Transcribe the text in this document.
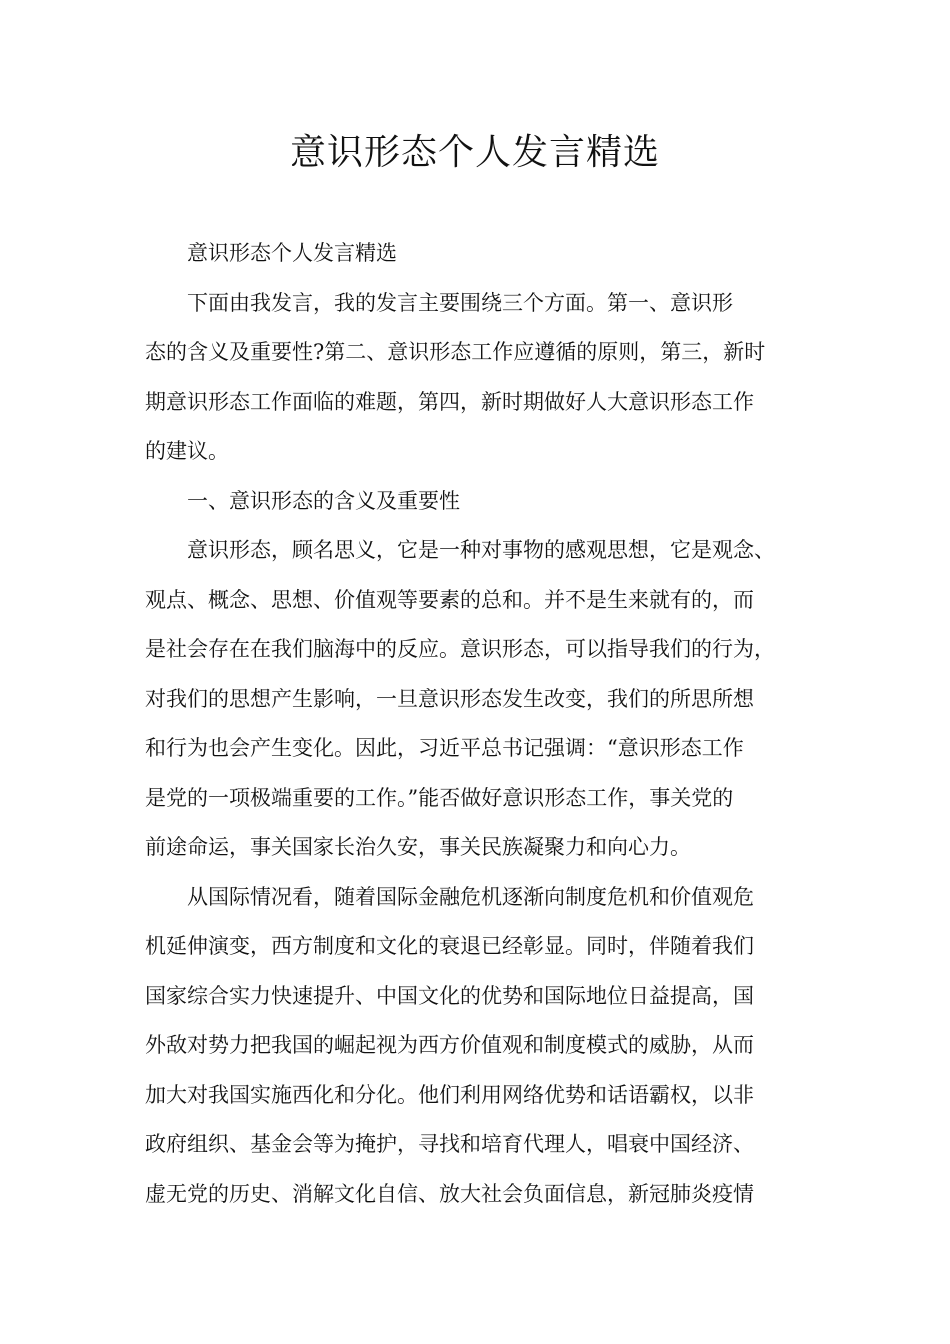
意识形态个人发言精选

意识形态个人发言精选

下面由我发言，我的发言主要围绕三个方面。第一、意识形
态的含义及重要性?第二、意识形态工作应遵循的原则，第三，新时
期意识形态工作面临的难题，第四，新时期做好人大意识形态工作
的建议。

一、意识形态的含义及重要性

意识形态，顾名思义，它是一种对事物的感观思想，它是观念、
观点、概念、思想、价值观等要素的总和。并不是生来就有的，而
是社会存在在我们脑海中的反应。意识形态，可以指导我们的行为，
对我们的思想产生影响，一旦意识形态发生改变，我们的所思所想
和行为也会产生变化。因此，习近平总书记强调：“意识形态工作
是党的一项极端重要的工作。”能否做好意识形态工作，事关党的
前途命运，事关国家长治久安，事关民族凝聚力和向心力。

从国际情况看，随着国际金融危机逐渐向制度危机和价值观危
机延伸演变，西方制度和文化的衰退已经彰显。同时，伴随着我们
国家综合实力快速提升、中国文化的优势和国际地位日益提高，国
外敌对势力把我国的崛起视为西方价值观和制度模式的威胁，从而
加大对我国实施西化和分化。他们利用网络优势和话语霸权，以非
政府组织、基金会等为掩护，寻找和培育代理人，唱衰中国经济、
虚无党的历史、消解文化自信、放大社会负面信息，新冠肺炎疫情
